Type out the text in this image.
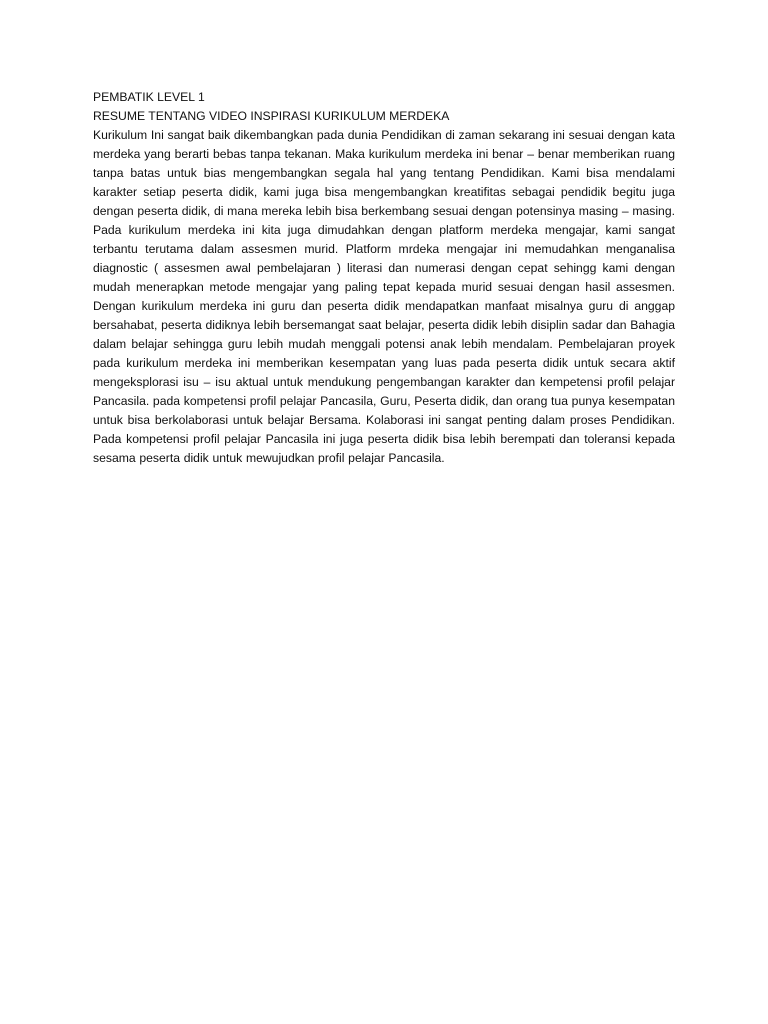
PEMBATIK LEVEL 1
RESUME TENTANG VIDEO INSPIRASI KURIKULUM MERDEKA

Kurikulum Ini sangat baik dikembangkan pada dunia Pendidikan di zaman sekarang ini sesuai dengan kata merdeka yang berarti bebas tanpa tekanan. Maka kurikulum merdeka ini benar – benar memberikan ruang tanpa batas untuk bias mengembangkan segala hal yang tentang Pendidikan. Kami bisa mendalami karakter setiap peserta didik, kami juga bisa mengembangkan kreatifitas sebagai pendidik begitu juga dengan peserta didik, di mana mereka lebih bisa berkembang sesuai dengan potensinya masing – masing. Pada kurikulum merdeka ini kita juga dimudahkan dengan platform merdeka mengajar, kami sangat terbantu terutama dalam assesmen murid. Platform mrdeka mengajar ini memudahkan menganalisa diagnostic ( assesmen awal pembelajaran ) literasi dan numerasi dengan cepat sehingg kami dengan mudah menerapkan metode mengajar yang paling tepat kepada murid sesuai dengan hasil assesmen. Dengan kurikulum merdeka ini guru dan peserta didik mendapatkan manfaat misalnya guru di anggap bersahabat, peserta didiknya lebih bersemangat saat belajar, peserta didik lebih disiplin sadar dan Bahagia dalam belajar sehingga guru lebih mudah menggali potensi anak lebih mendalam. Pembelajaran proyek pada kurikulum merdeka ini memberikan kesempatan yang luas pada peserta didik untuk secara aktif mengeksplorasi isu – isu aktual untuk mendukung pengembangan karakter dan kempetensi profil pelajar Pancasila. pada kompetensi profil pelajar Pancasila, Guru, Peserta didik, dan orang tua punya kesempatan untuk bisa berkolaborasi untuk belajar Bersama. Kolaborasi ini sangat penting dalam proses Pendidikan. Pada kompetensi profil pelajar Pancasila ini juga peserta didik bisa lebih berempati dan toleransi kepada sesama peserta didik untuk mewujudkan profil pelajar Pancasila.
